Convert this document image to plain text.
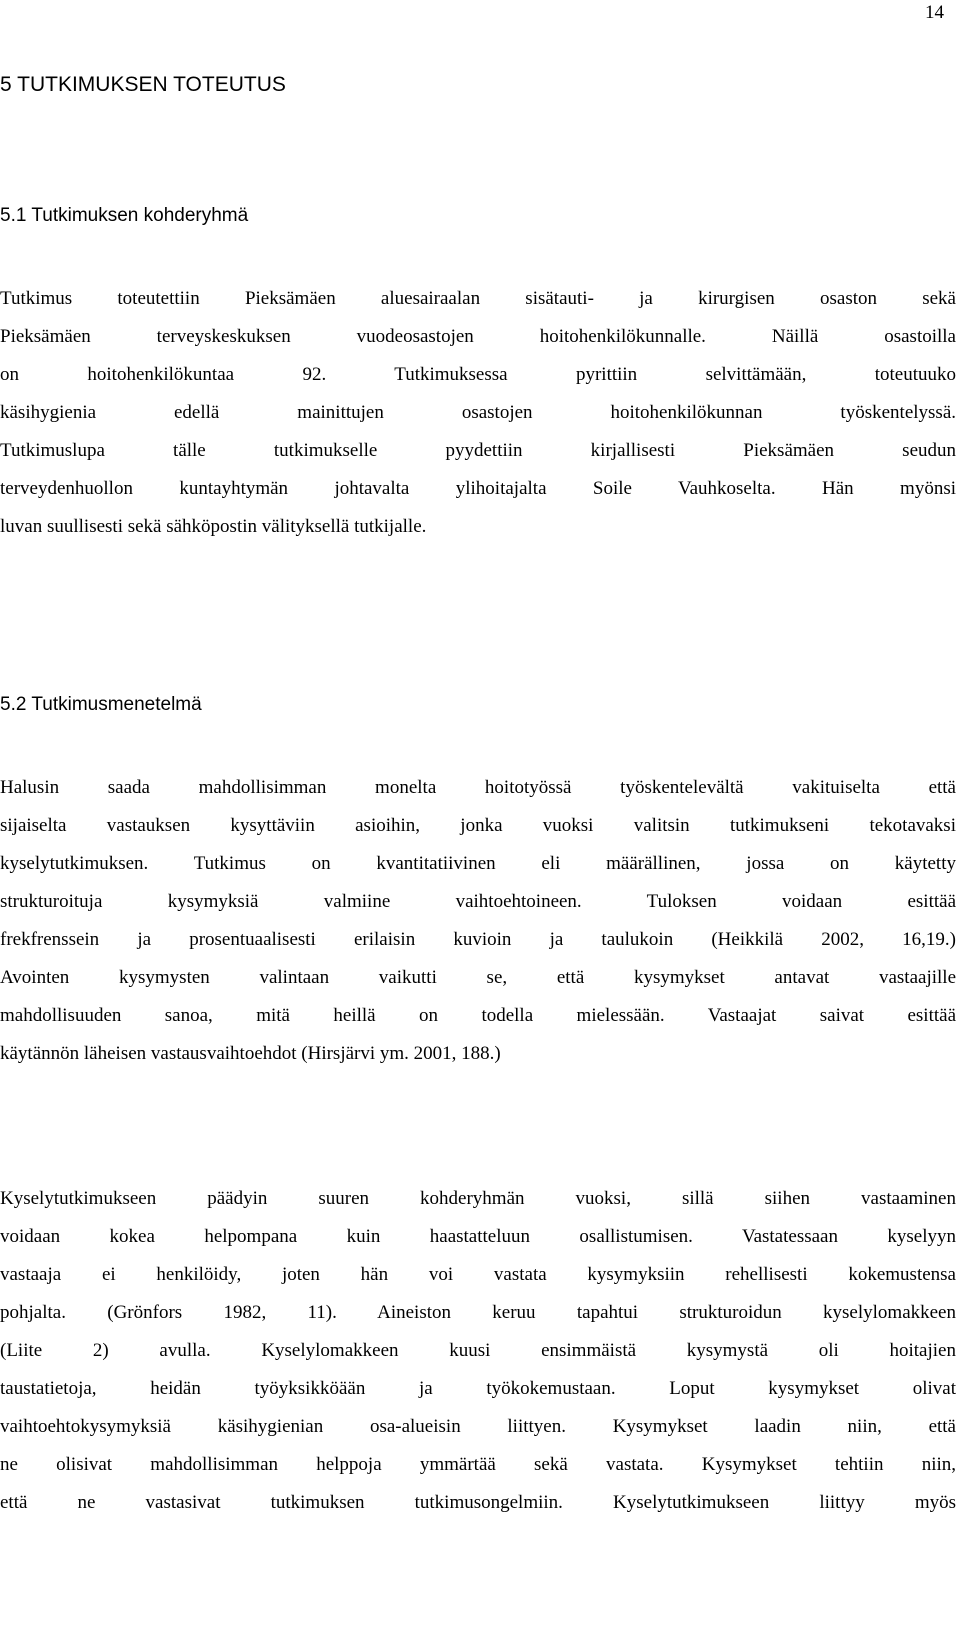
14
5 TUTKIMUKSEN TOTEUTUS
5.1 Tutkimuksen kohderyhmä
Tutkimus toteutettiin Pieksämäen aluesairaalan sisätauti- ja kirurgisen osaston sekä
Pieksämäen terveyskeskuksen vuodeosastojen hoitohenkilökunnalle. Näillä osastoilla
on hoitohenkilökuntaa 92. Tutkimuksessa pyrittiin selvittämään, toteutuuko
käsihygienia edellä mainittujen osastojen hoitohenkilökunnan työskentelyssä.
Tutkimuslupa tälle tutkimukselle pyydettiin kirjallisesti Pieksämäen seudun
terveydenhuollon kuntayhtymän johtavalta ylihoitajalta Soile Vauhkoselta. Hän myönsi
luvan suullisesti sekä sähköpostin välityksellä tutkijalle.
5.2 Tutkimusmenetelmä
Halusin saada mahdollisimman monelta hoitotyössä työskentelevältä vakituiselta että
sijaiselta vastauksen kysyttäviin asioihin, jonka vuoksi valitsin tutkimukseni tekotavaksi
kyselytutkimuksen. Tutkimus on kvantitatiivinen eli määrällinen, jossa on käytetty
strukturoituja kysymyksiä valmiine vaihtoehtoineen. Tuloksen voidaan esittää
frekfrenssein ja prosentuaalisesti erilaisin kuvioin ja taulukoin (Heikkilä 2002, 16,19.)
Avointen kysymysten valintaan vaikutti se, että kysymykset antavat vastaajille
mahdollisuuden sanoa, mitä heillä on todella mielessään. Vastaajat saivat esittää
käytännön läheisen vastausvaihtoehdot (Hirsjärvi ym. 2001, 188.)
Kyselytutkimukseen päädyin suuren kohderyhmän vuoksi, sillä siihen vastaaminen
voidaan kokea helpompana kuin haastatteluun osallistumisen. Vastatessaan kyselyyn
vastaaja ei henkilöidy, joten hän voi vastata kysymyksiin rehellisesti kokemustensa
pohjalta. (Grönfors 1982, 11). Aineiston keruu tapahtui strukturoidun kyselylomakkeen
(Liite 2) avulla. Kyselylomakkeen kuusi ensimmäistä kysymystä oli hoitajien
taustatietoja, heidän työyksikköään ja työkokemustaan. Loput kysymykset olivat
vaihtoehtokysymyksiä käsihygienian osa-alueisin liittyen. Kysymykset laadin niin, että
ne olisivat mahdollisimman helppoja ymmärtää sekä vastata. Kysymykset tehtiin niin,
että ne vastasivat tutkimuksen tutkimusongelmiin. Kyselytutkimukseen liittyy myös
